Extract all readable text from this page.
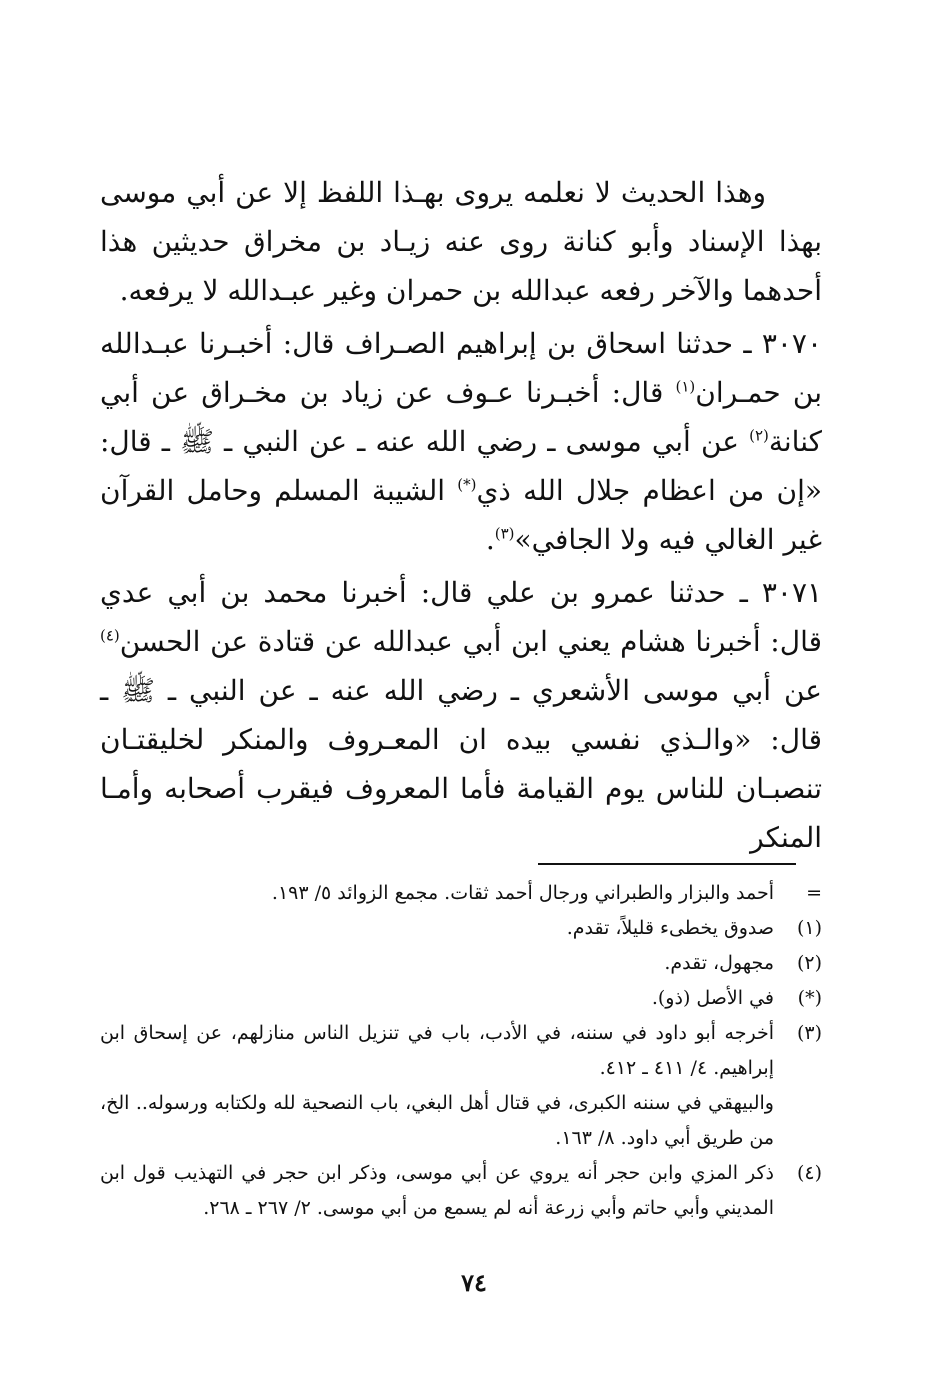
وهذا الحديث لا نعلمه يروى بهـذا اللفظ إلا عن أبي موسى بهذا الإسناد وأبو كنانة روى عنه زيـاد بن مخراق حديثين هذا أحدهما والآخر رفعه عبدالله بن حمران وغير عبـدالله لا يرفعه.

٣٠٧٠ ـ حدثنا اسحاق بن إبراهيم الصـراف قال: أخبـرنا عبـدالله بن حمـران$^{(١)}$ قال: أخبـرنا عـوف عن زياد بن مخـراق عن أبي كنانة$^{(٢)}$ عن أبي موسى ـ رضي الله عنه ـ عن النبي ـ ﷺ ـ قال: «إن من اعظام جلال الله ذي(*) الشيبة المسلم وحامل القرآن غير الغالي فيه ولا الجافي»$^{(٣)}$.

٣٠٧١ ـ حدثنا عمرو بن علي قال: أخبرنا محمد بن أبي عدي قال: أخبرنا هشام يعني ابن أبي عبدالله عن قتادة عن الحسن$^{(٤)}$ عن أبي موسى الأشعري ـ رضي الله عنه ـ عن النبي ـ ﷺ ـ قال: «والـذي نفسي بيده ان المعـروف والمنكر لخليقتـان تنصبـان للناس يوم القيامة فأما المعروف فيقرب أصحابه وأمـا المنكر

=أحمد والبزار والطبراني ورجال أحمد ثقات. مجمع الزوائد ٥/ ١٩٣.

(١)صدوق يخطىء قليلاً، تقدم.

(٢)مجهول، تقدم.

(*)في الأصل (ذو).

(٣)أخرجه أبو داود في سننه، في الأدب، باب في تنزيل الناس منازلهم، عن إسحاق ابن إبراهيم. ٤/ ٤١١ ـ ٤١٢.

والبيهقي في سننه الكبرى، في قتال أهل البغي، باب النصحية لله ولكتابه ورسوله.. الخ، من طريق أبي داود. ٨/ ١٦٣.

(٤)ذكر المزي وابن حجر أنه يروي عن أبي موسى، وذكر ابن حجر في التهذيب قول ابن المديني وأبي حاتم وأبي زرعة أنه لم يسمع من أبي موسى. ٢/ ٢٦٧ ـ ٢٦٨.

٧٤
